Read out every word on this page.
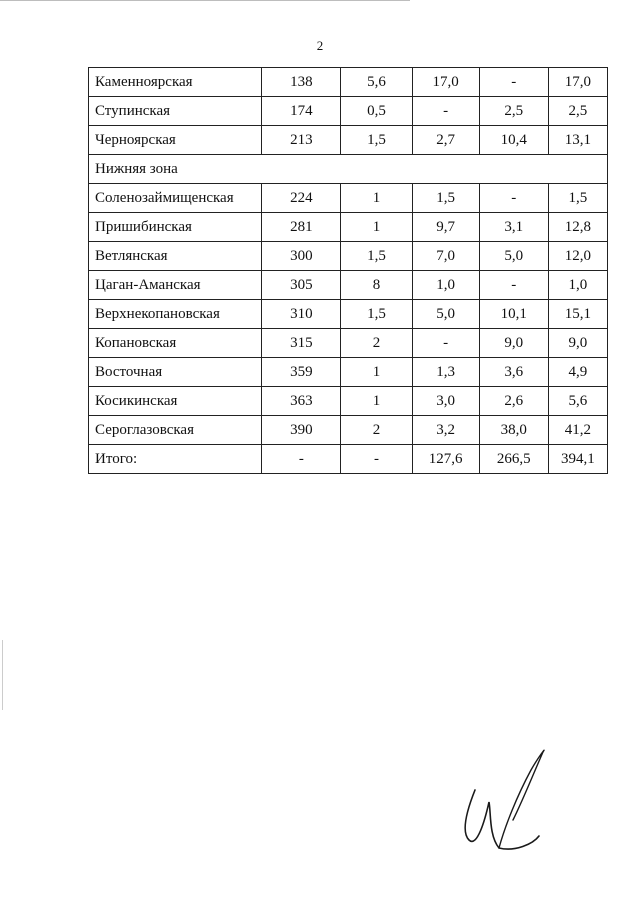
2
Каменноярская	138	5,6	17,0	-	17,0
Ступинская	174	0,5	-	2,5	2,5
Черноярская	213	1,5	2,7	10,4	13,1
Нижняя зона					
Соленозаймищенская	224	1	1,5	-	1,5
Пришибинская	281	1	9,7	3,1	12,8
Ветлянская	300	1,5	7,0	5,0	12,0
Цаган-Аманская	305	8	1,0	-	1,0
Верхнекопановская	310	1,5	5,0	10,1	15,1
Копановская	315	2	-	9,0	9,0
Восточная	359	1	1,3	3,6	4,9
Косикинская	363	1	3,0	2,6	5,6
Сероглазовская	390	2	3,2	38,0	41,2
Итого:	-	-	127,6	266,5	394,1
